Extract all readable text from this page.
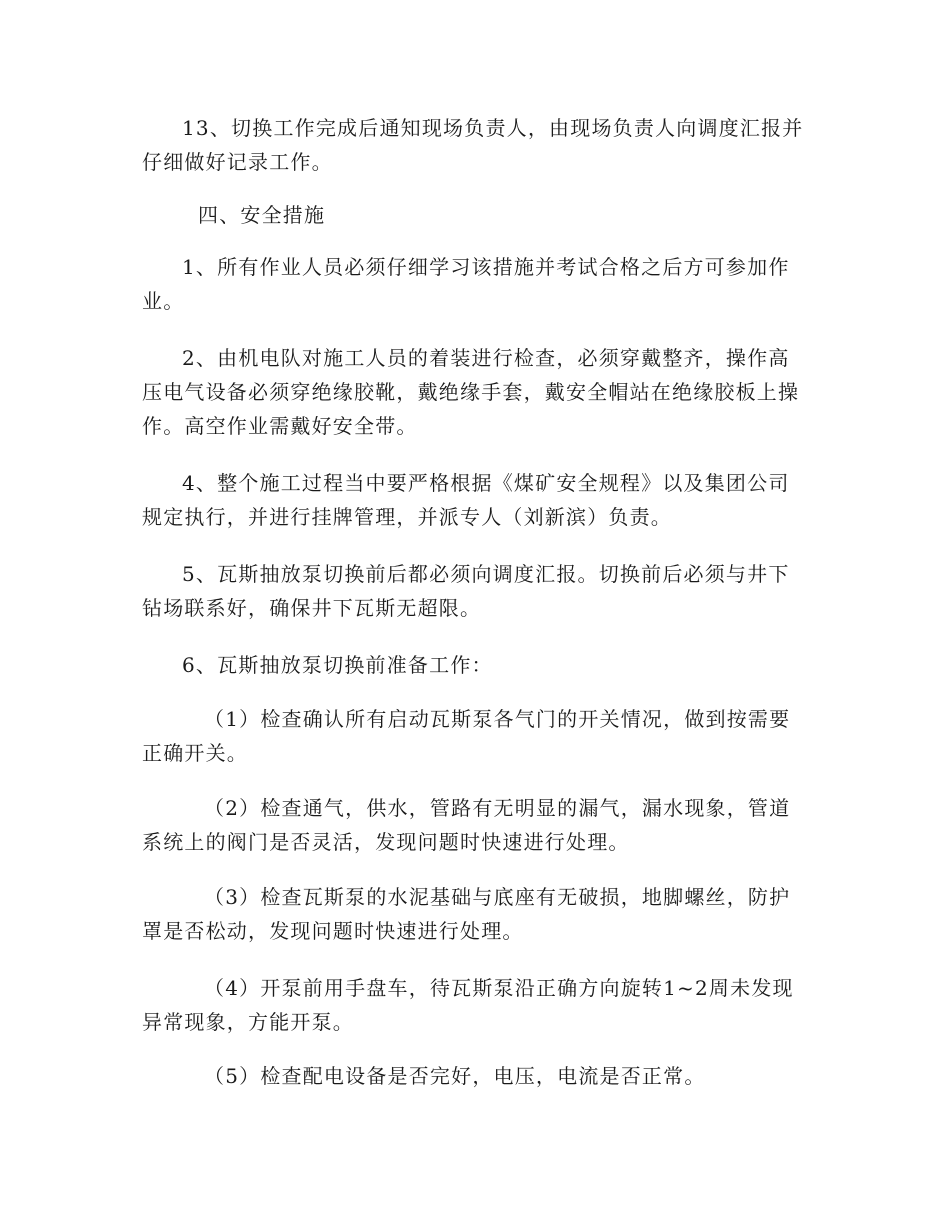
13、切换工作完成后通知现场负责人，由现场负责人向调度汇报并仔细做好记录工作。

四、安全措施

1、所有作业人员必须仔细学习该措施并考试合格之后方可参加作业。

2、由机电队对施工人员的着装进行检查，必须穿戴整齐，操作高压电气设备必须穿绝缘胶靴，戴绝缘手套，戴安全帽站在绝缘胶板上操作。高空作业需戴好安全带。

4、整个施工过程当中要严格根据《煤矿安全规程》以及集团公司规定执行，并进行挂牌管理，并派专人（刘新滨）负责。

5、瓦斯抽放泵切换前后都必须向调度汇报。切换前后必须与井下钻场联系好，确保井下瓦斯无超限。

6、瓦斯抽放泵切换前准备工作：

（1）检查确认所有启动瓦斯泵各气门的开关情况，做到按需要正确开关。

（2）检查通气，供水，管路有无明显的漏气，漏水现象，管道系统上的阀门是否灵活，发现问题时快速进行处理。

（3）检查瓦斯泵的水泥基础与底座有无破损，地脚螺丝，防护罩是否松动，发现问题时快速进行处理。

（4）开泵前用手盘车，待瓦斯泵沿正确方向旋转1~2周未发现异常现象，方能开泵。

（5）检查配电设备是否完好，电压，电流是否正常。
